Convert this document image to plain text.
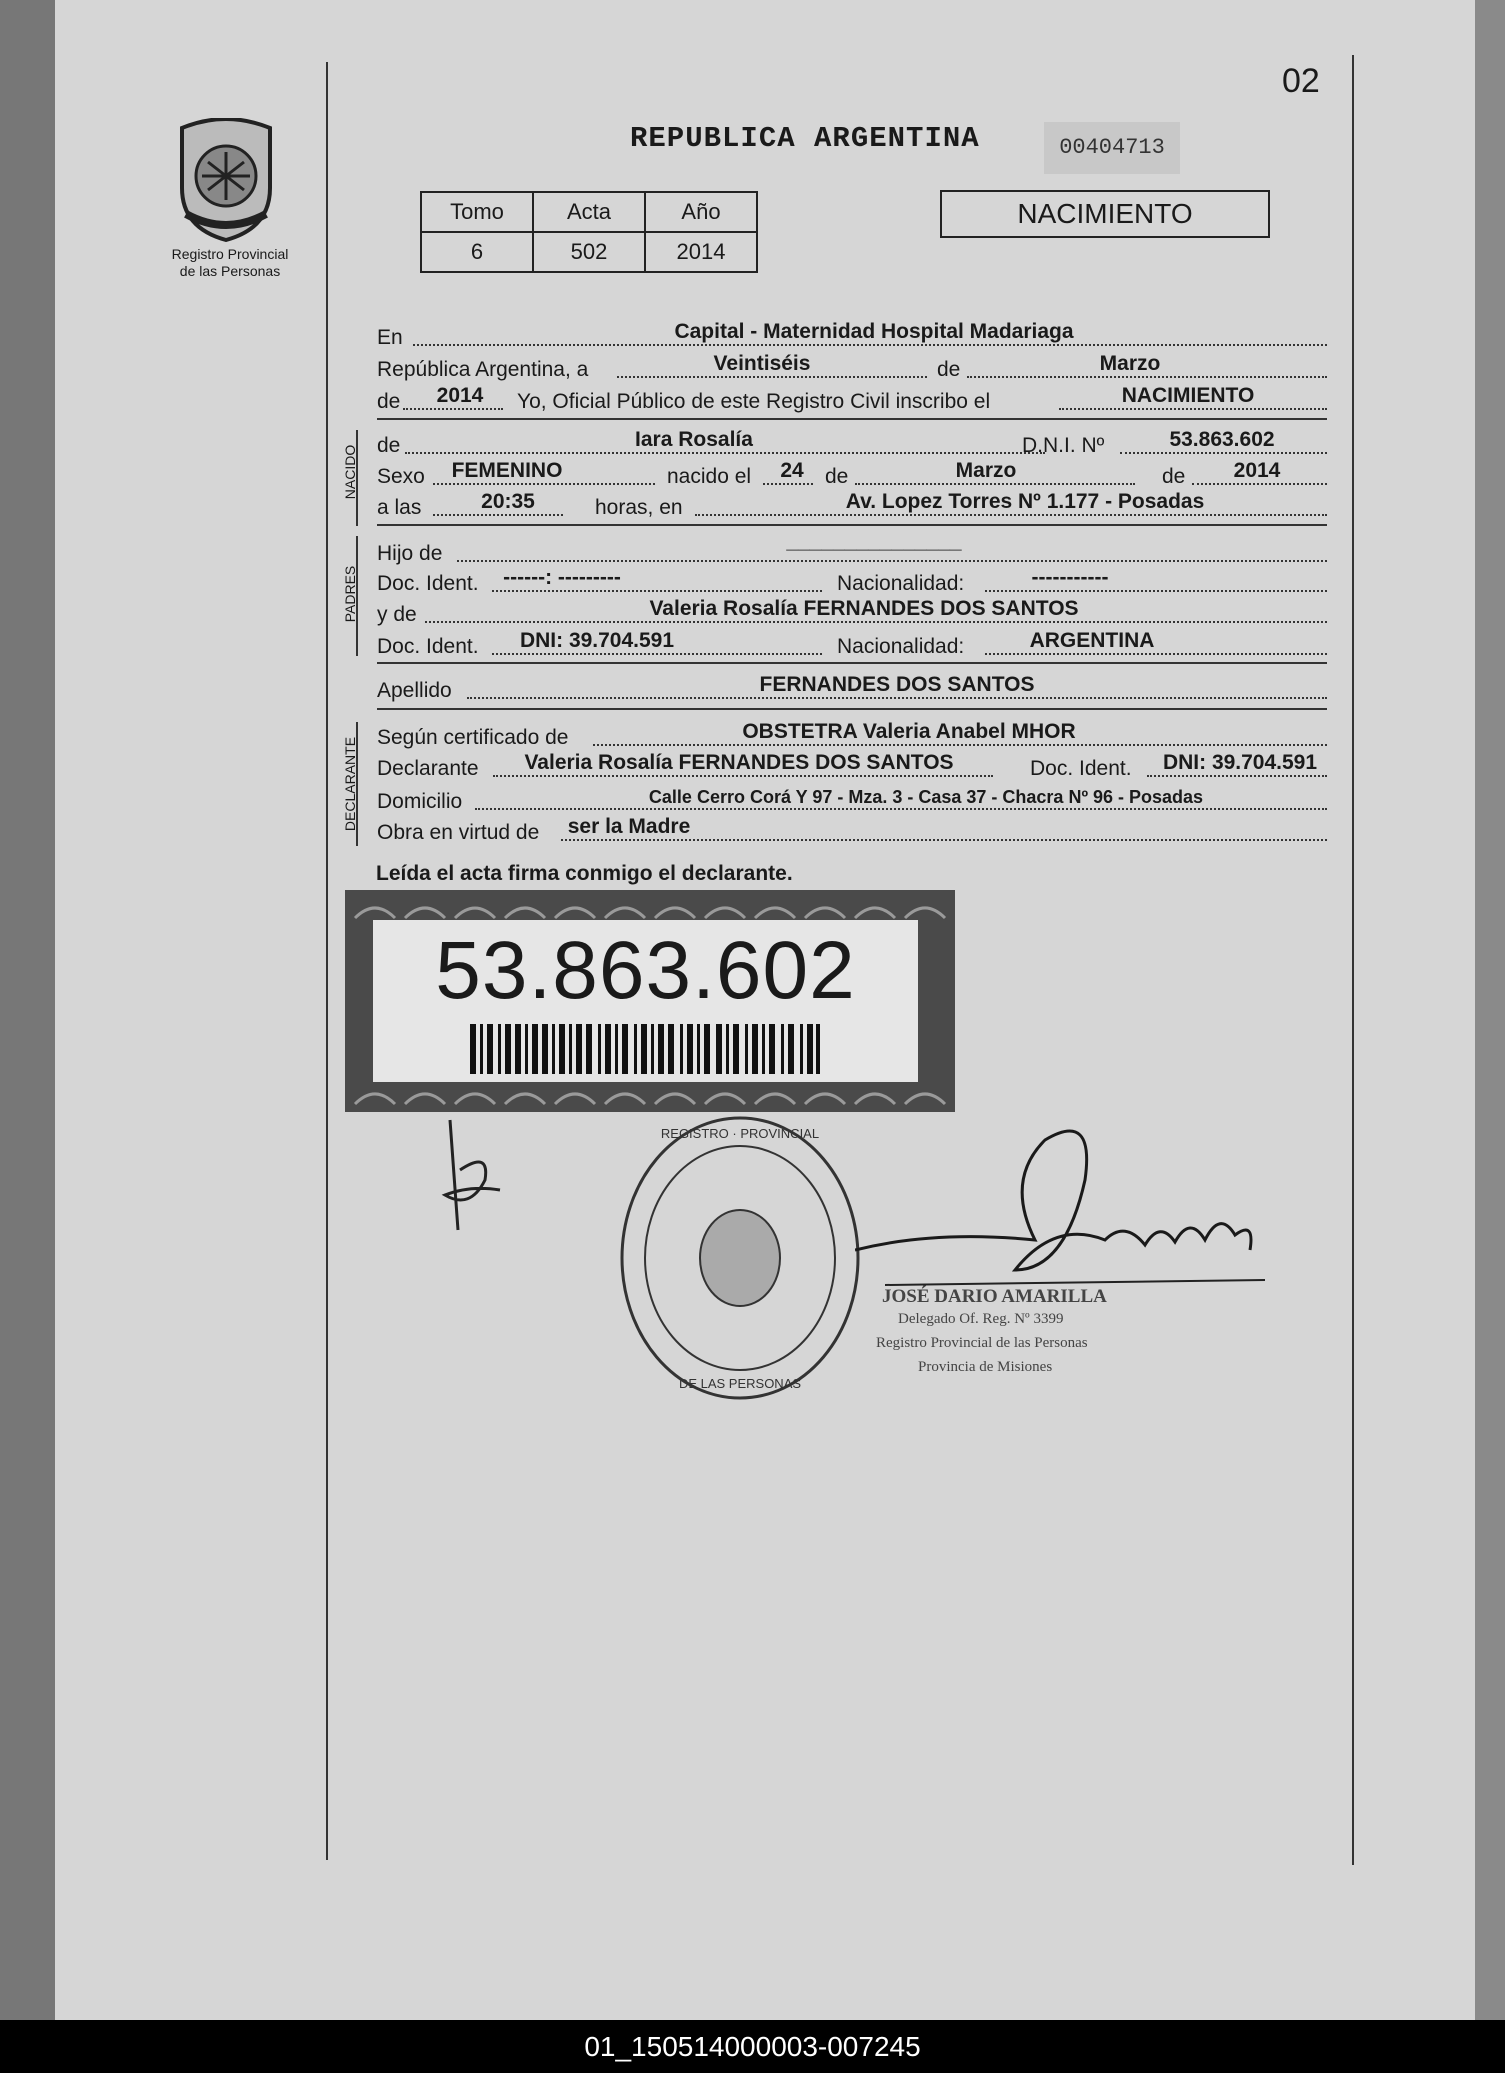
02
Registro Provincial
de las Personas
REPUBLICA ARGENTINA	00404713
Tomo	Acta	Año
6	502	2014
NACIMIENTO
En	Capital - Maternidad Hospital Madariaga
República Argentina, a	Veintiséis	de	Marzo
de 2014 Yo, Oficial Público de este Registro Civil inscribo el	NACIMIENTO
NACIDO de	Iara Rosalía	D.N.I. Nº	53.863.602
Sexo FEMENINO	nacido el 24 de	Marzo	de 2014
a las	20:35	horas, en	Av. Lopez Torres Nº 1.177 - Posadas
PADRES
Hijo de
_______________
Doc. Ident. ------: ---------	Nacionalidad:	-----------
y de	Valeria Rosalía FERNANDES DOS SANTOS
Doc. Ident. DNI: 39.704.591	Nacionalidad:	ARGENTINA
Apellido	FERNANDES DOS SANTOS
DECLARANTE Según certificado de	OBSTETRA Valeria Anabel MHOR
Declarante Valeria Rosalía FERNANDES DOS SANTOS	Doc. Ident. DNI: 39.704.591
Domicilio	Calle Cerro Corá Y 97 - Mza. 3 - Casa 37 - Chacra Nº 96 - Posadas
Obra en virtud de ser la Madre
Leída el acta firma conmigo el declarante.
53.863.602
REGISTRO · PROVINCIAL
DE LAS PERSONAS
JOSÉ DARIO AMARILLA
Delegado Of. Reg. Nº 3399
Registro Provincial de las Personas
Provincia de Misiones
01_150514000003-007245
